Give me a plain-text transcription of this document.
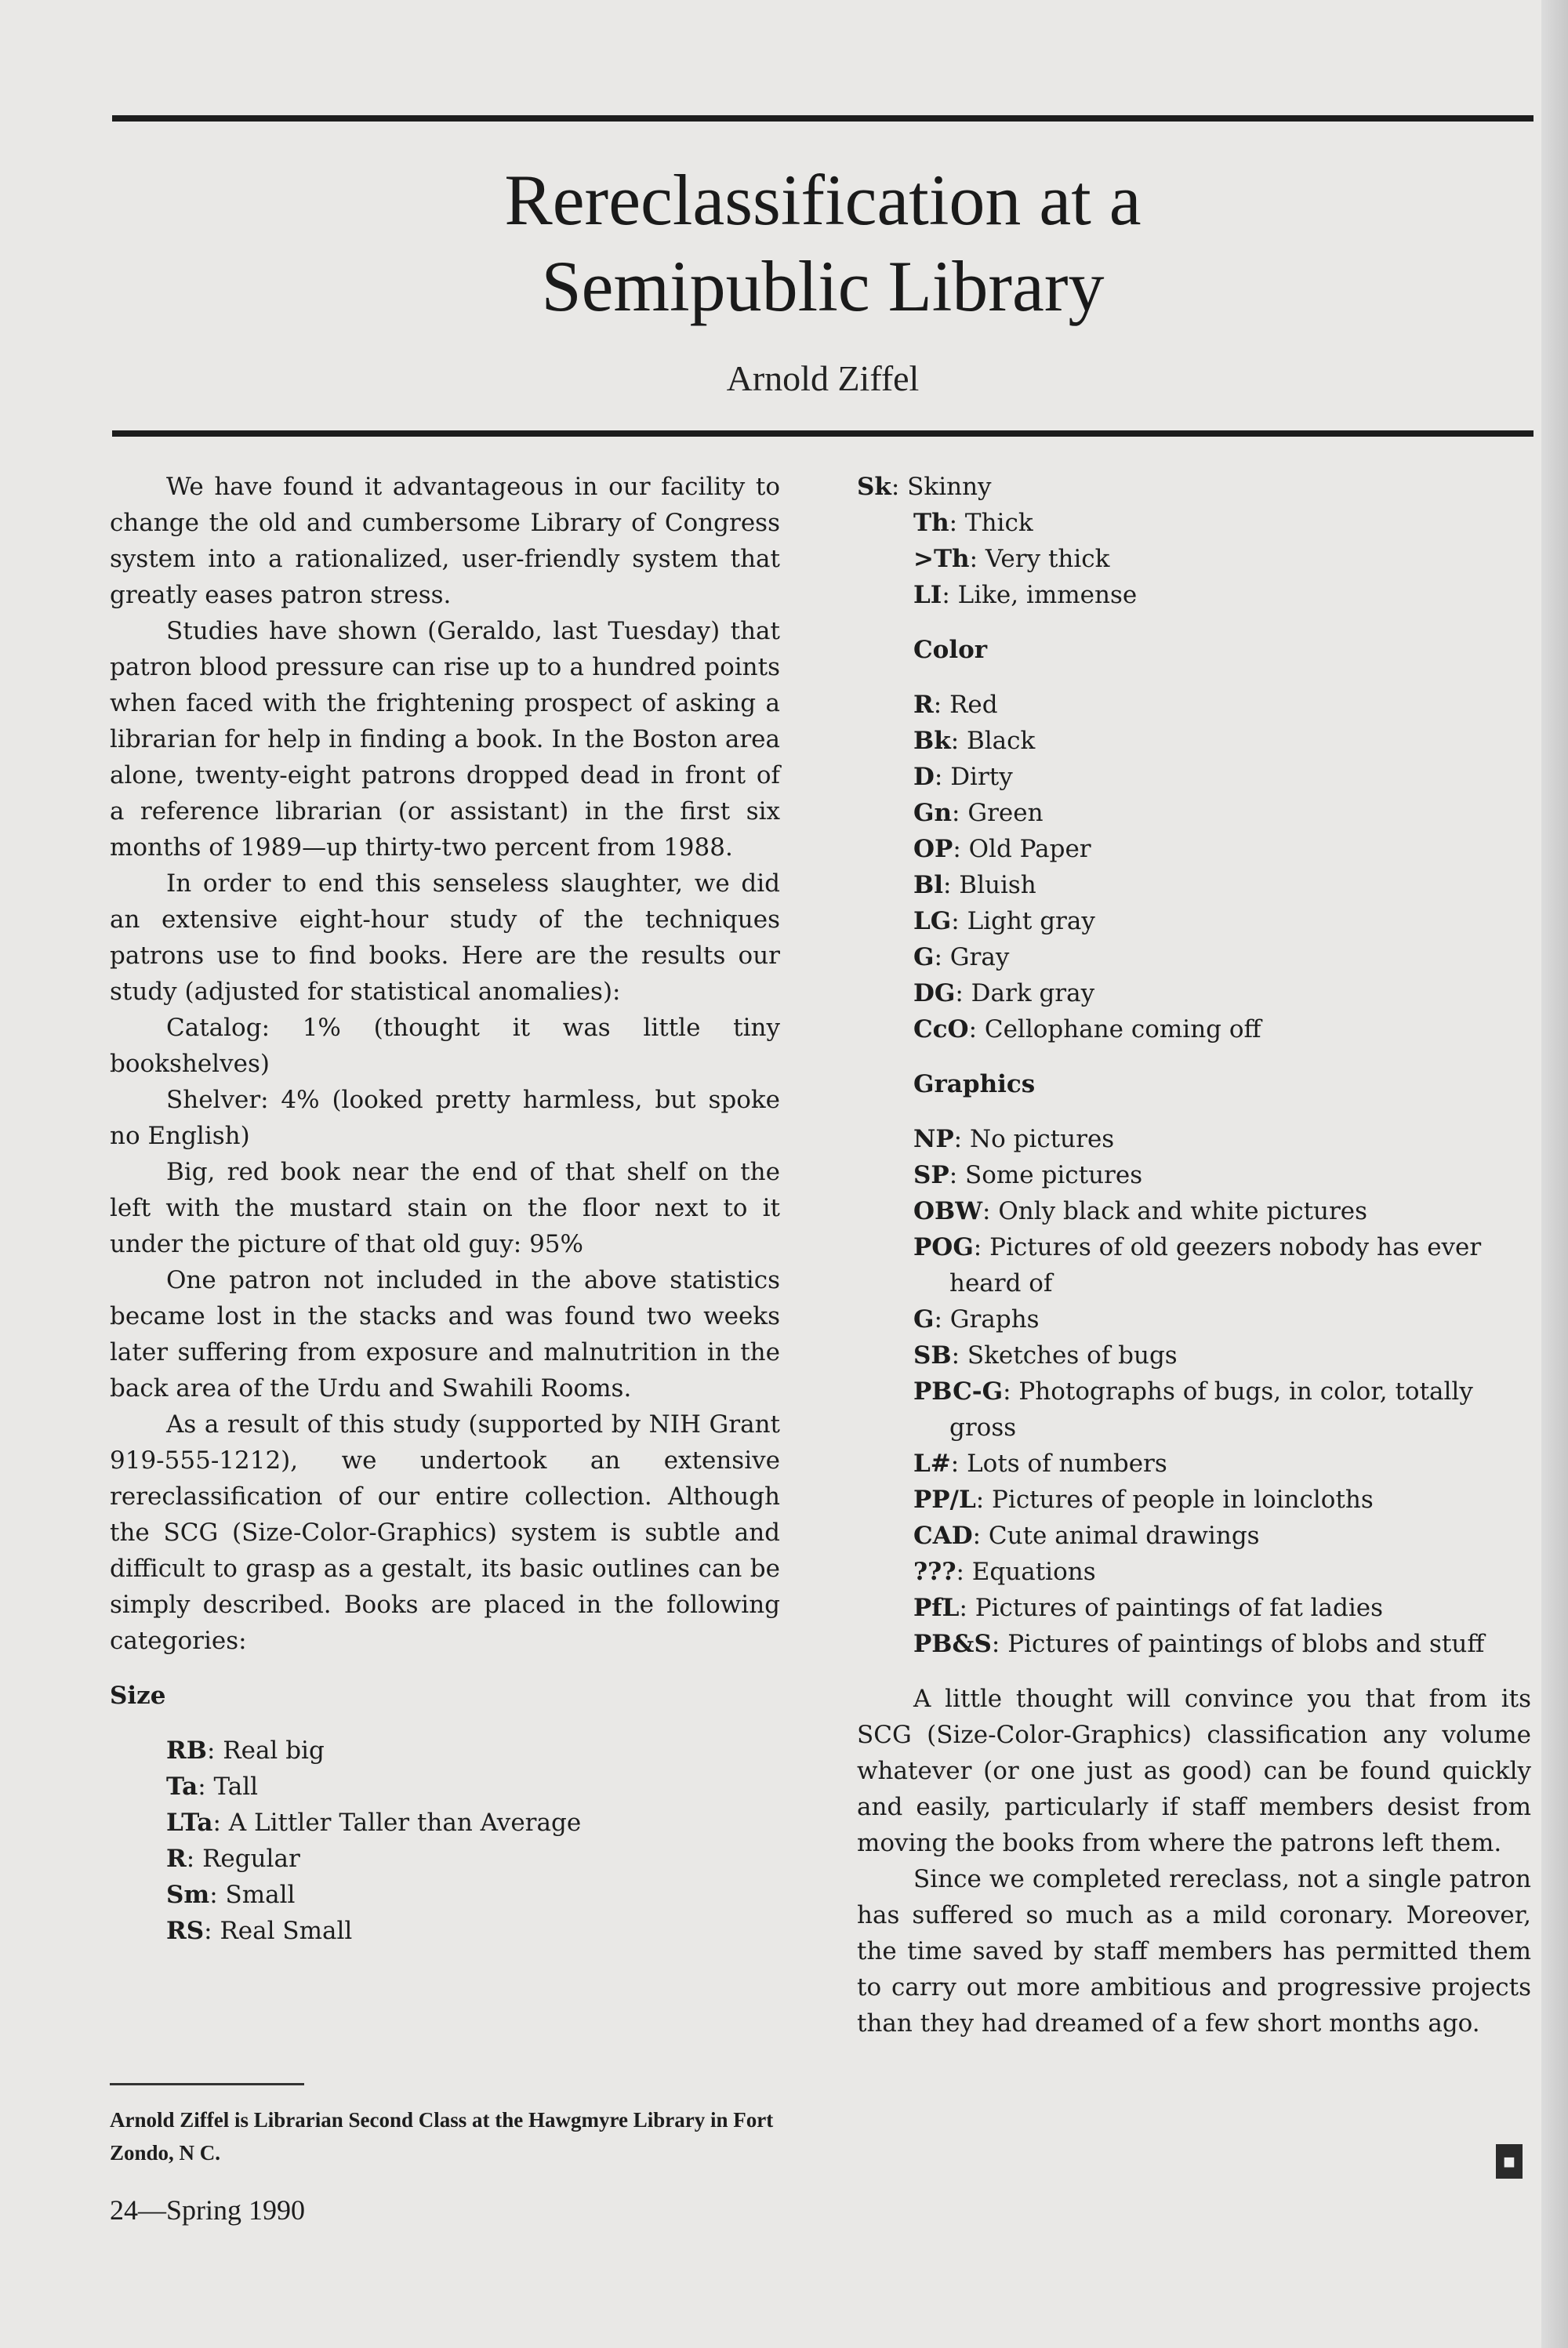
Rereclassification at a
Semipublic Library
Arnold Ziffel

We have found it advantageous in our facility to change the old and cumbersome Library of Congress system into a rationalized, user-friendly system that greatly eases patron stress.

Studies have shown (Geraldo, last Tuesday) that patron blood pressure can rise up to a hundred points when faced with the frightening prospect of asking a librarian for help in finding a book. In the Boston area alone, twenty-eight patrons dropped dead in front of a reference librarian (or assistant) in the first six months of 1989—up thirty-two percent from 1988.

In order to end this senseless slaughter, we did an extensive eight-hour study of the techniques patrons use to find books. Here are the results our study (adjusted for statistical anomalies):

Catalog: 1% (thought it was little tiny bookshelves)

Shelver: 4% (looked pretty harmless, but spoke no English)

Big, red book near the end of that shelf on the left with the mustard stain on the floor next to it under the picture of that old guy: 95%

One patron not included in the above statistics became lost in the stacks and was found two weeks later suffering from exposure and malnutrition in the back area of the Urdu and Swahili Rooms.

As a result of this study (supported by NIH Grant 919-555-1212), we undertook an extensive rereclassification of our entire collection. Although the SCG (Size-Color-Graphics) system is subtle and difficult to grasp as a gestalt, its basic outlines can be simply described. Books are placed in the following categories:

Size

RB: Real big
Ta: Tall
LTa: A Littler Taller than Average
R: Regular
Sm: Small
RS: Real Small
Sk: Skinny
Th: Thick
>Th: Very thick
LI: Like, immense

Color

R: Red
Bk: Black
D: Dirty
Gn: Green
OP: Old Paper
Bl: Bluish
LG: Light gray
G: Gray
DG: Dark gray
CcO: Cellophane coming off

Graphics

NP: No pictures
SP: Some pictures
OBW: Only black and white pictures
POG: Pictures of old geezers nobody has ever heard of
G: Graphs
SB: Sketches of bugs
PBC-G: Photographs of bugs, in color, totally gross
L#: Lots of numbers
PP/L: Pictures of people in loincloths
CAD: Cute animal drawings
???: Equations
PfL: Pictures of paintings of fat ladies
PB&S: Pictures of paintings of blobs and stuff

A little thought will convince you that from its SCG (Size-Color-Graphics) classification any volume whatever (or one just as good) can be found quickly and easily, particularly if staff members desist from moving the books from where the patrons left them.

Since we completed rereclass, not a single patron has suffered so much as a mild coronary. Moreover, the time saved by staff members has permitted them to carry out more ambitious and progressive projects than they had dreamed of a few short months ago.

■

Arnold Ziffel is Librarian Second Class at the Hawgmyre Library in Fort Zondo, N C.

24—Spring 1990
